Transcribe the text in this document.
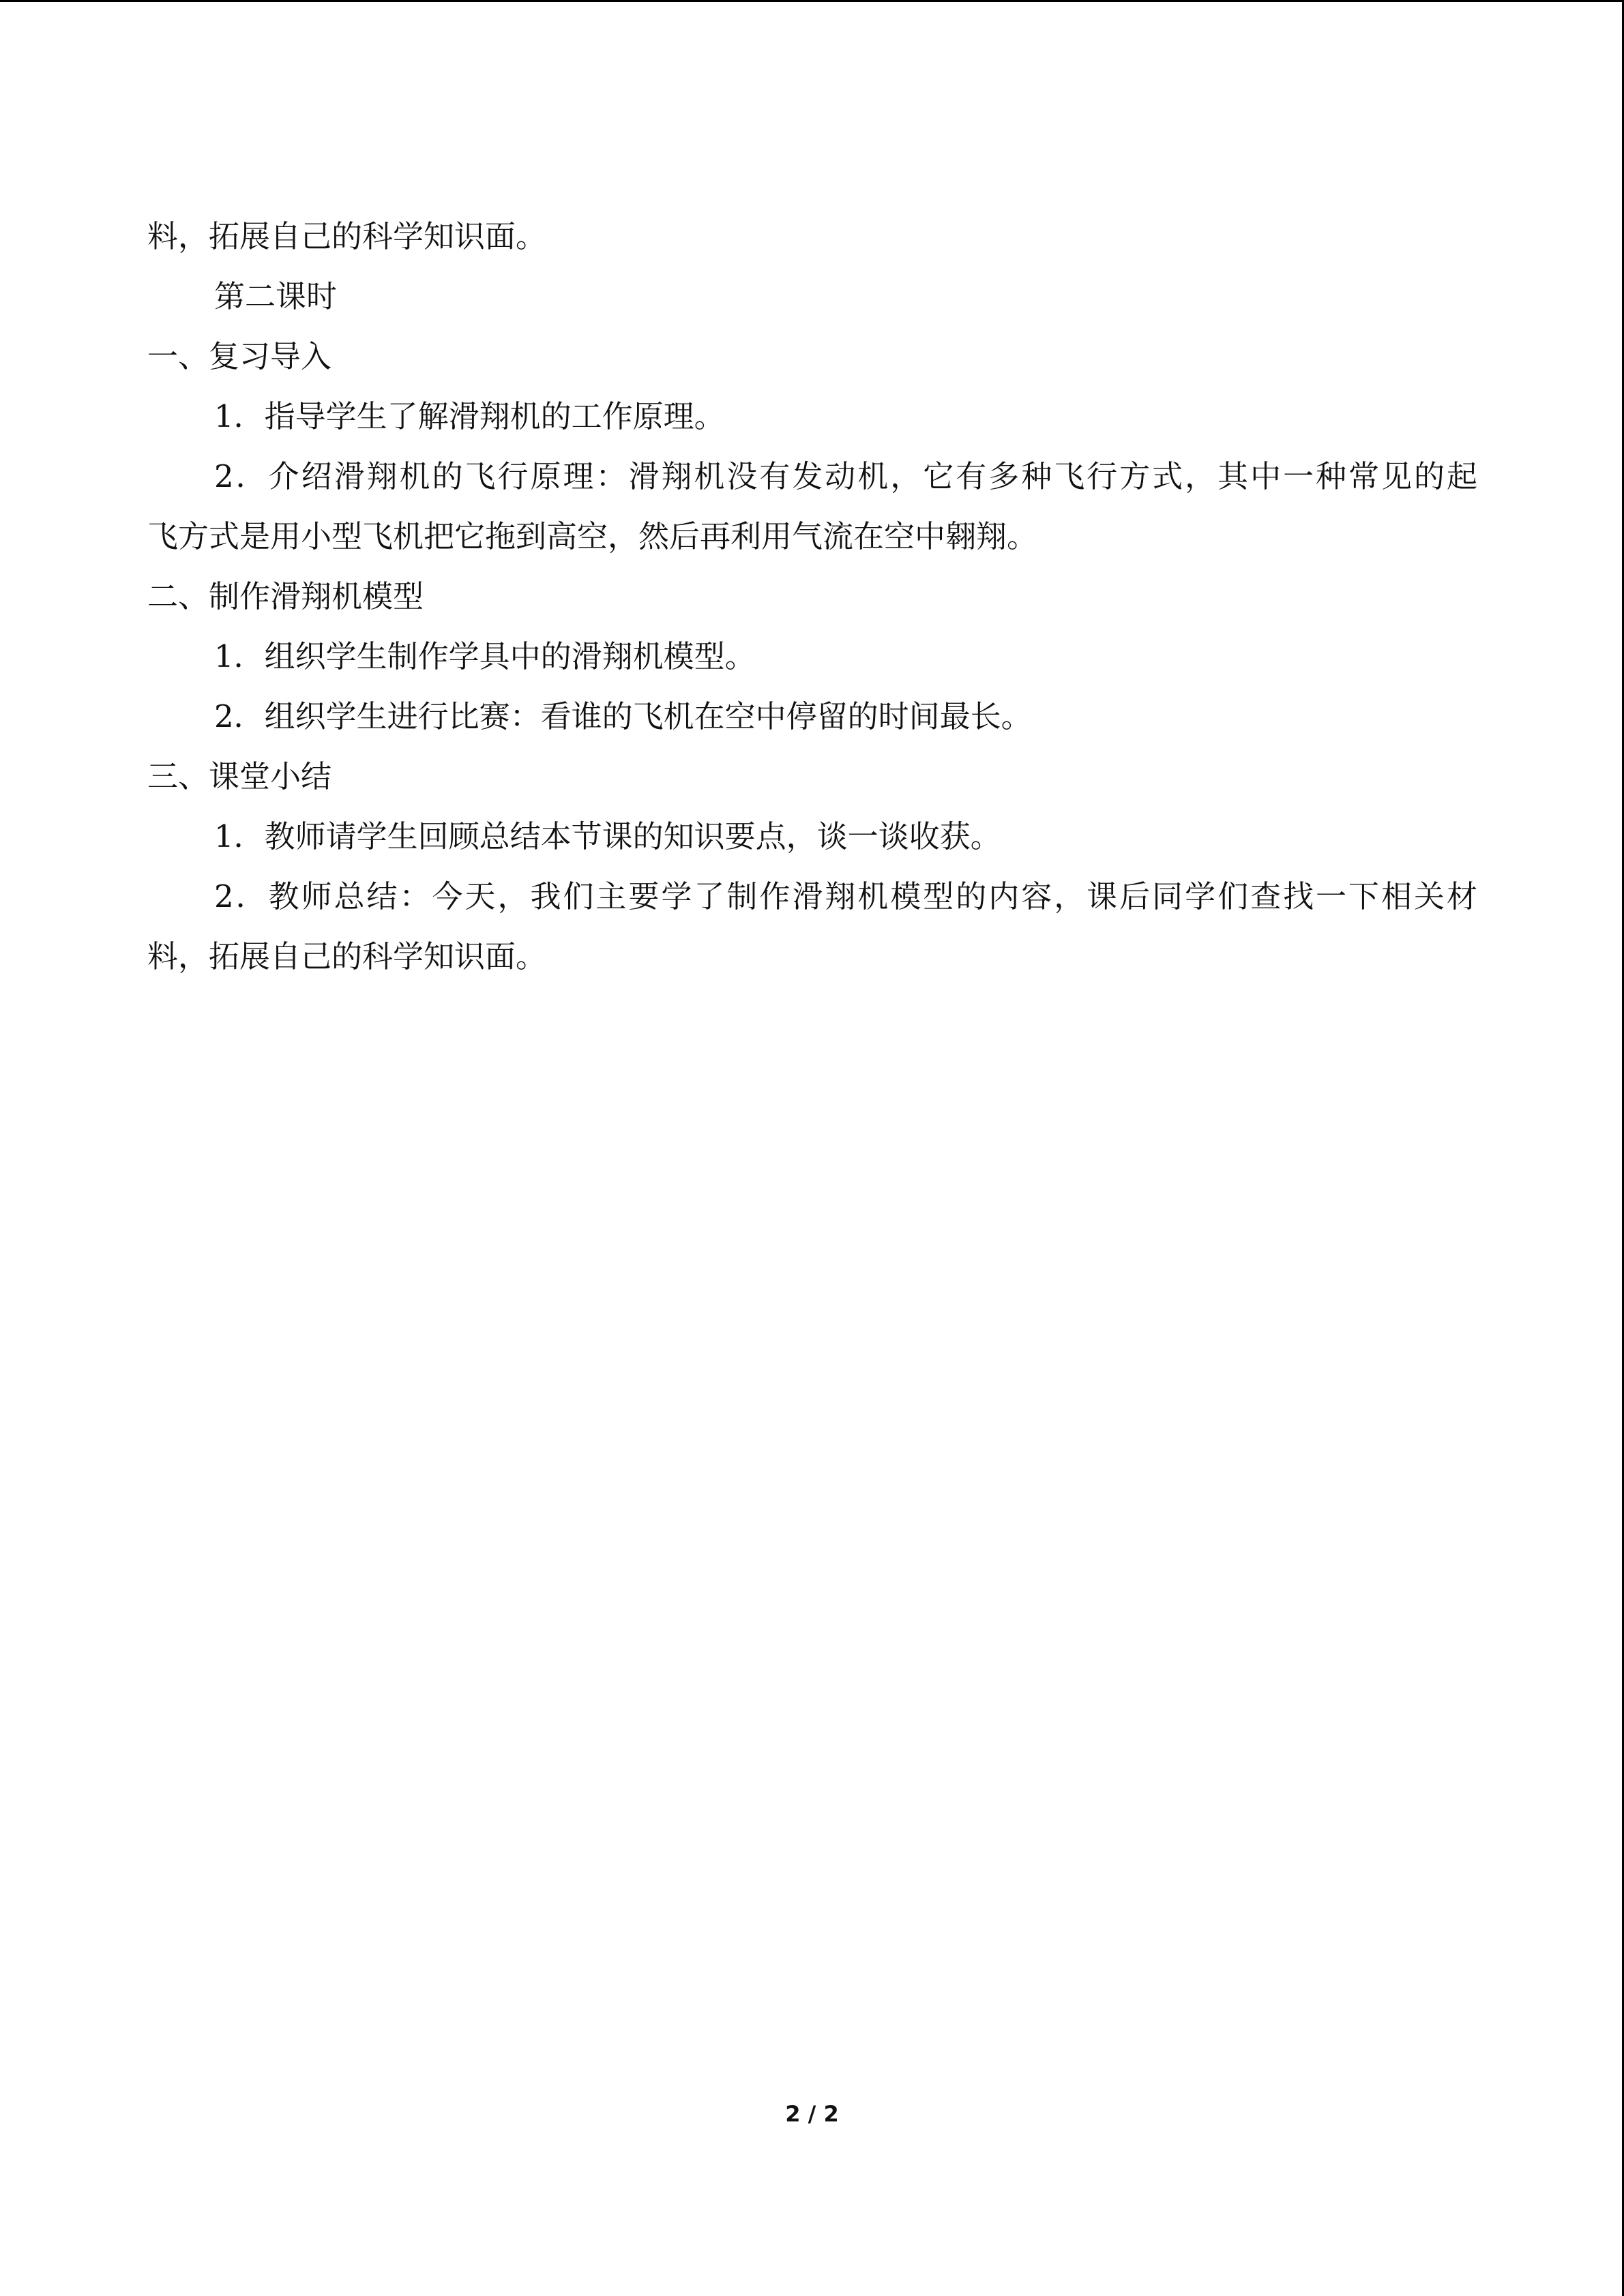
料，拓展自己的科学知识面。
第二课时
一、复习导入
1．指导学生了解滑翔机的工作原理。
2．介绍滑翔机的飞行原理：滑翔机没有发动机，它有多种飞行方式，其中一种常见的起
飞方式是用小型飞机把它拖到高空，然后再利用气流在空中翱翔。
二、制作滑翔机模型
1．组织学生制作学具中的滑翔机模型。
2．组织学生进行比赛：看谁的飞机在空中停留的时间最长。
三、课堂小结
1．教师请学生回顾总结本节课的知识要点，谈一谈收获。
2．教师总结：今天，我们主要学了制作滑翔机模型的内容，课后同学们查找一下相关材
料，拓展自己的科学知识面。
2 / 2
